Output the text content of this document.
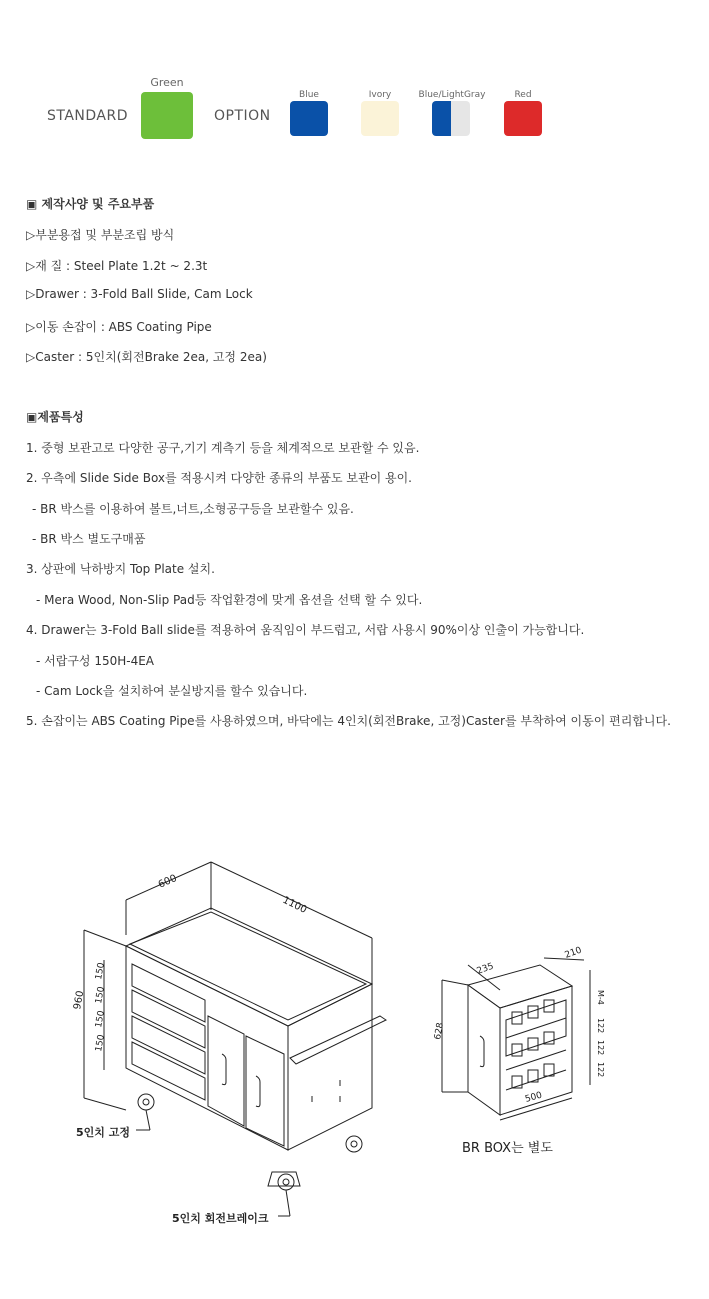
STANDARD
Green
OPTION
Blue	Ivory	Blue/LightGray	Red
▣ 제작사양 및 주요부품
▷부분용접 및 부분조립 방식
▷재 질 : Steel Plate 1.2t ~ 2.3t
▷Drawer : 3-Fold Ball Slide, Cam Lock
▷이동 손잡이 : ABS Coating Pipe
▷Caster : 5인치(회전Brake 2ea, 고정 2ea)
▣제품특성
1. 중형 보관고로 다양한 공구,기기 계측기 등을 체계적으로 보관할 수 있음.
2. 우측에 Slide Side Box를 적용시켜 다양한 종류의 부품도 보관이 용이.
- BR 박스를 이용하여 볼트,너트,소형공구등을 보관할수 있음.
- BR 박스 별도구매품
3. 상판에 낙하방지 Top Plate 설치.
- Mera Wood, Non-Slip Pad등 작업환경에 맞게 옵션을 선택 할 수 있다.
4. Drawer는 3-Fold Ball slide를 적용하여 움직임이 부드럽고, 서랍 사용시 90%이상 인출이 가능합니다.
- 서랍구성 150H-4EA
- Cam Lock을 설치하여 분실방지를 할수 있습니다.
5. 손잡이는 ABS Coating Pipe를 사용하였으며, 바닥에는 4인치(회전Brake, 고정)Caster를 부착하여 이동이 편리합니다.
600
1100
960
150
150
150
150
5인치 고정
5인치 회전브레이크
235
210
628
500
M-4
122
122
122
BR BOX는 별도
